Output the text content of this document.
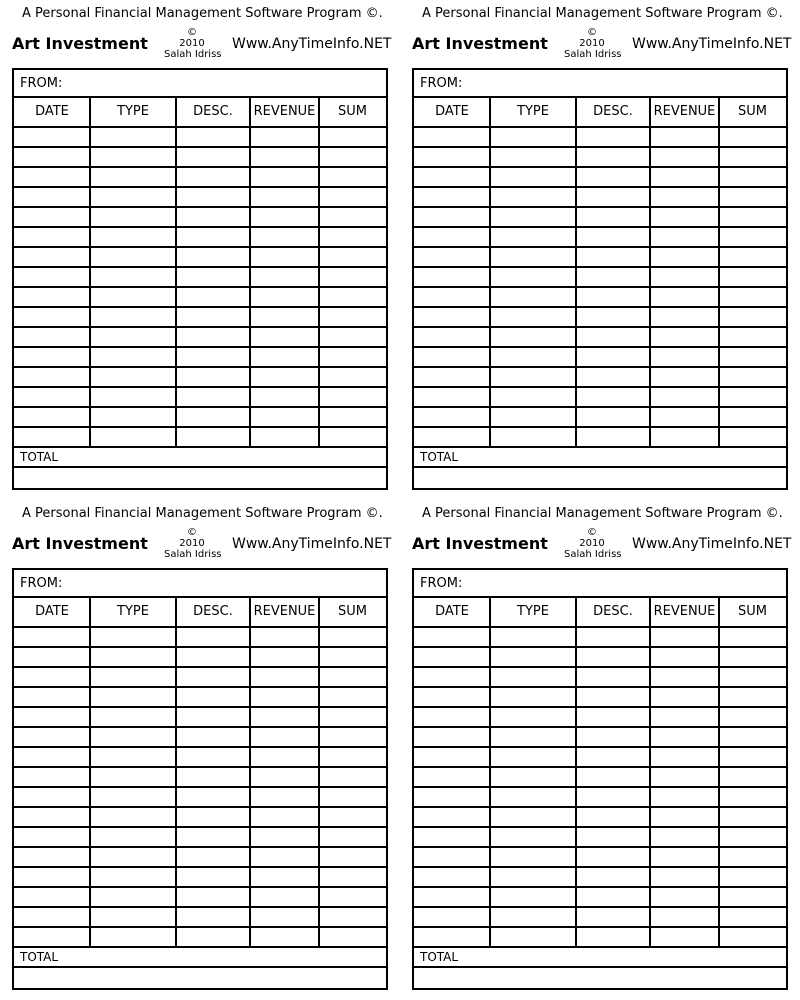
A Personal Financial Management Software Program ©.
Art Investment
©
2010
Salah Idriss
Www.AnyTimeInfo.NET
FROM:
DATE	TYPE	DESC.	REVENUE	SUM
TOTAL
A Personal Financial Management Software Program ©.
Art Investment
©
2010
Salah Idriss
Www.AnyTimeInfo.NET
FROM:
DATE	TYPE	DESC.	REVENUE	SUM
TOTAL
A Personal Financial Management Software Program ©.
Art Investment
©
2010
Salah Idriss
Www.AnyTimeInfo.NET
FROM:
DATE	TYPE	DESC.	REVENUE	SUM
TOTAL
A Personal Financial Management Software Program ©.
Art Investment
©
2010
Salah Idriss
Www.AnyTimeInfo.NET
FROM:
DATE	TYPE	DESC.	REVENUE	SUM
TOTAL
